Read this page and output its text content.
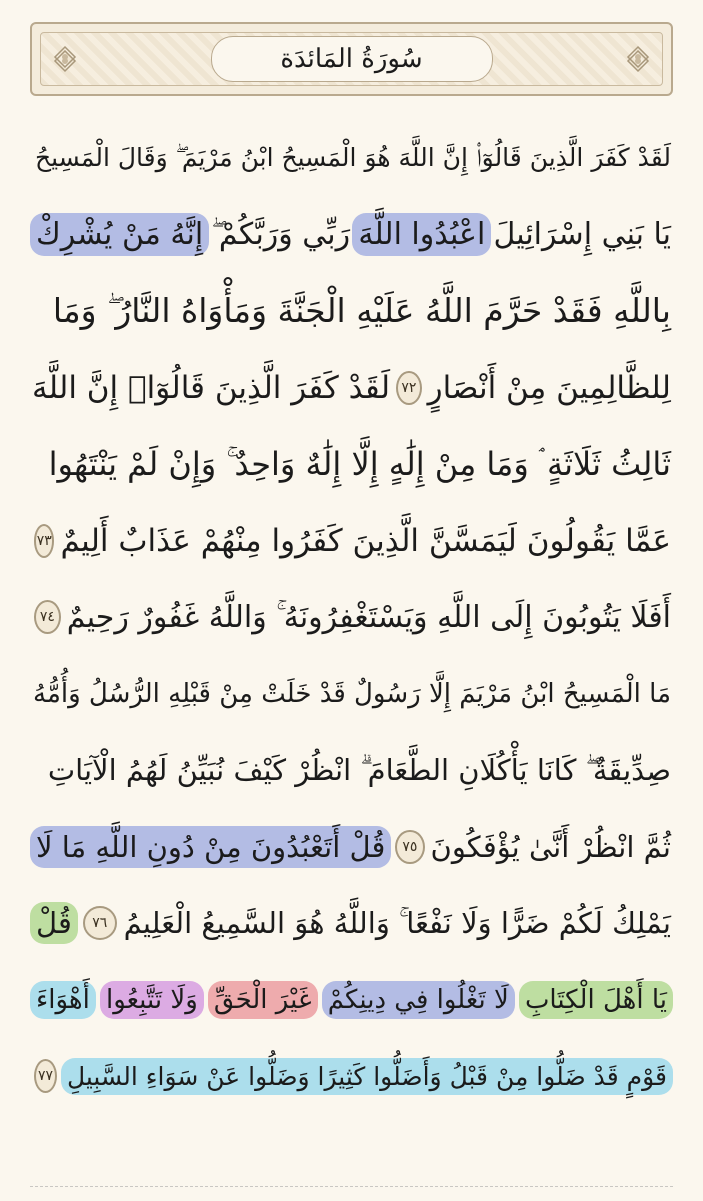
سُورَةُ المَائدَة
لَقَدْ كَفَرَ الَّذِينَ قَالُوٓا۟ إِنَّ اللَّهَ هُوَ الْمَسِيحُ ابْنُ مَرْيَمَ ۖ وَقَالَ الْمَسِيحُ
يَا بَنِي إِسْرَائِيلَ
اعْبُدُوا اللَّهَ
رَبِّي وَرَبَّكُمْ ۖ
إِنَّهُ مَنْ يُشْرِكْ
بِاللَّهِ فَقَدْ حَرَّمَ اللَّهُ عَلَيْهِ الْجَنَّةَ وَمَأْوَاهُ النَّارُ ۖ وَمَا
لِلظَّالِمِينَ مِنْ أَنْصَارٍ
٧٢
لَقَدْ كَفَرَ الَّذِينَ قَالُوٓا۟ إِنَّ اللَّهَ
ثَالِثُ ثَلَاثَةٍ ۘ وَمَا مِنْ إِلَٰهٍ إِلَّا إِلَٰهٌ وَاحِدٌ ۚ وَإِنْ لَمْ يَنْتَهُوا
عَمَّا يَقُولُونَ لَيَمَسَّنَّ الَّذِينَ كَفَرُوا مِنْهُمْ عَذَابٌ أَلِيمٌ
٧٣
أَفَلَا يَتُوبُونَ إِلَى اللَّهِ وَيَسْتَغْفِرُونَهُ ۚ وَاللَّهُ غَفُورٌ رَحِيمٌ
٧٤
مَا الْمَسِيحُ ابْنُ مَرْيَمَ إِلَّا رَسُولٌ قَدْ خَلَتْ مِنْ قَبْلِهِ الرُّسُلُ وَأُمُّهُ
صِدِّيقَةٌ ۖ كَانَا يَأْكُلَانِ الطَّعَامَ ۗ انْظُرْ كَيْفَ نُبَيِّنُ لَهُمُ الْآيَاتِ
ثُمَّ انْظُرْ أَنَّىٰ يُؤْفَكُونَ
٧٥
قُلْ أَتَعْبُدُونَ مِنْ دُونِ اللَّهِ مَا لَا
يَمْلِكُ لَكُمْ ضَرًّا وَلَا نَفْعًا ۚ وَاللَّهُ هُوَ السَّمِيعُ الْعَلِيمُ
٧٦
قُلْ
يَا أَهْلَ الْكِتَابِ
لَا تَغْلُوا فِي دِينِكُمْ
غَيْرَ الْحَقِّ
وَلَا تَتَّبِعُوا
أَهْوَاءَ
قَوْمٍ قَدْ ضَلُّوا مِنْ قَبْلُ وَأَضَلُّوا كَثِيرًا وَضَلُّوا عَنْ سَوَاءِ السَّبِيلِ
٧٧
